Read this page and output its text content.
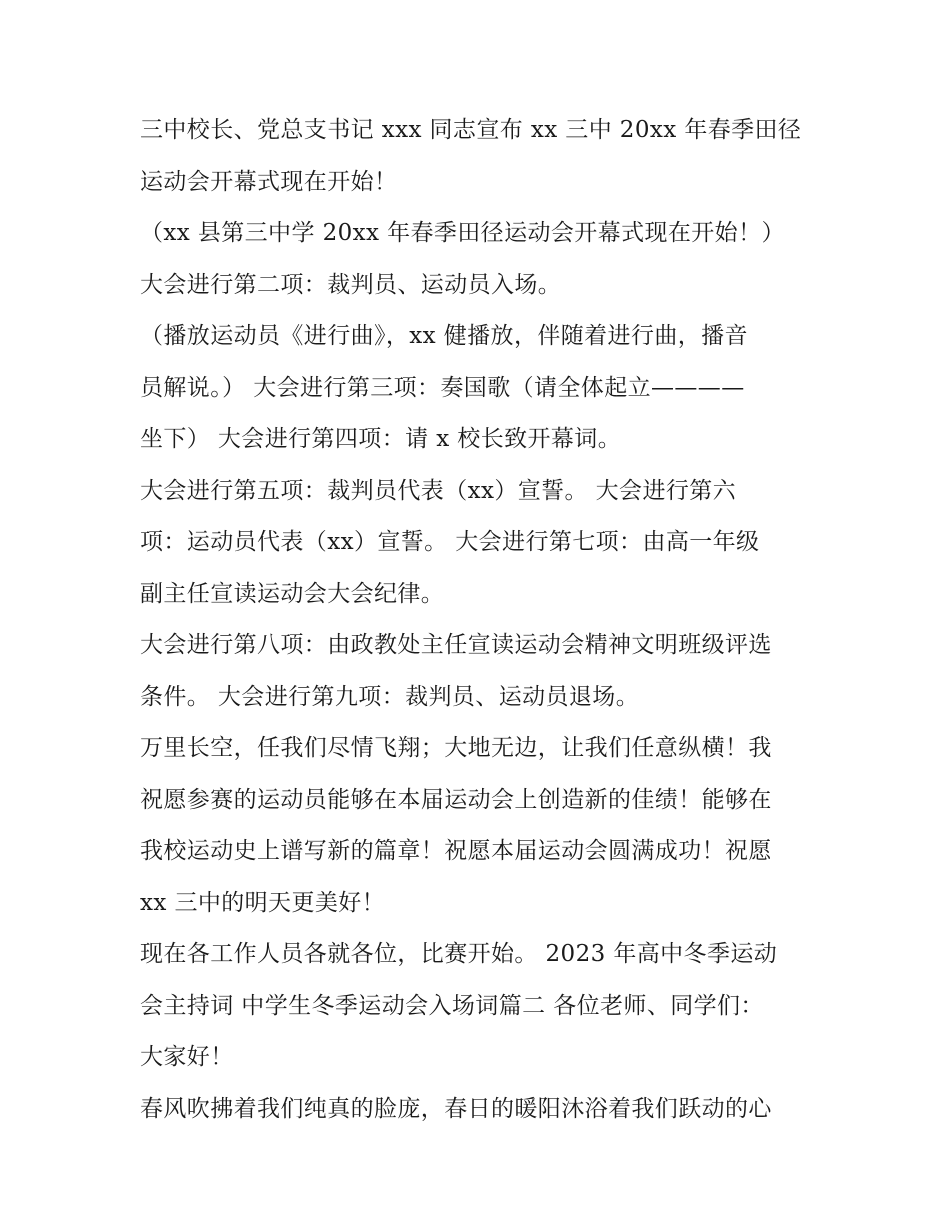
三中校长、党总支书记 xxx 同志宣布 xx 三中 20xx 年春季田径
运动会开幕式现在开始！
（xx 县第三中学 20xx 年春季田径运动会开幕式现在开始！）
大会进行第二项：裁判员、运动员入场。
（播放运动员《进行曲》，xx 健播放，伴随着进行曲，播音
员解说。） 大会进行第三项：奏国歌（请全体起立————
坐下） 大会进行第四项：请 x 校长致开幕词。
大会进行第五项：裁判员代表（xx）宣誓。 大会进行第六
项：运动员代表（xx）宣誓。 大会进行第七项：由高一年级
副主任宣读运动会大会纪律。
大会进行第八项：由政教处主任宣读运动会精神文明班级评选
条件。 大会进行第九项：裁判员、运动员退场。
万里长空，任我们尽情飞翔；大地无边，让我们任意纵横！我
祝愿参赛的运动员能够在本届运动会上创造新的佳绩！能够在
我校运动史上谱写新的篇章！祝愿本届运动会圆满成功！祝愿
xx 三中的明天更美好！
现在各工作人员各就各位，比赛开始。 2023 年高中冬季运动
会主持词 中学生冬季运动会入场词篇二 各位老师、同学们：
大家好！
春风吹拂着我们纯真的脸庞，春日的暖阳沐浴着我们跃动的心
